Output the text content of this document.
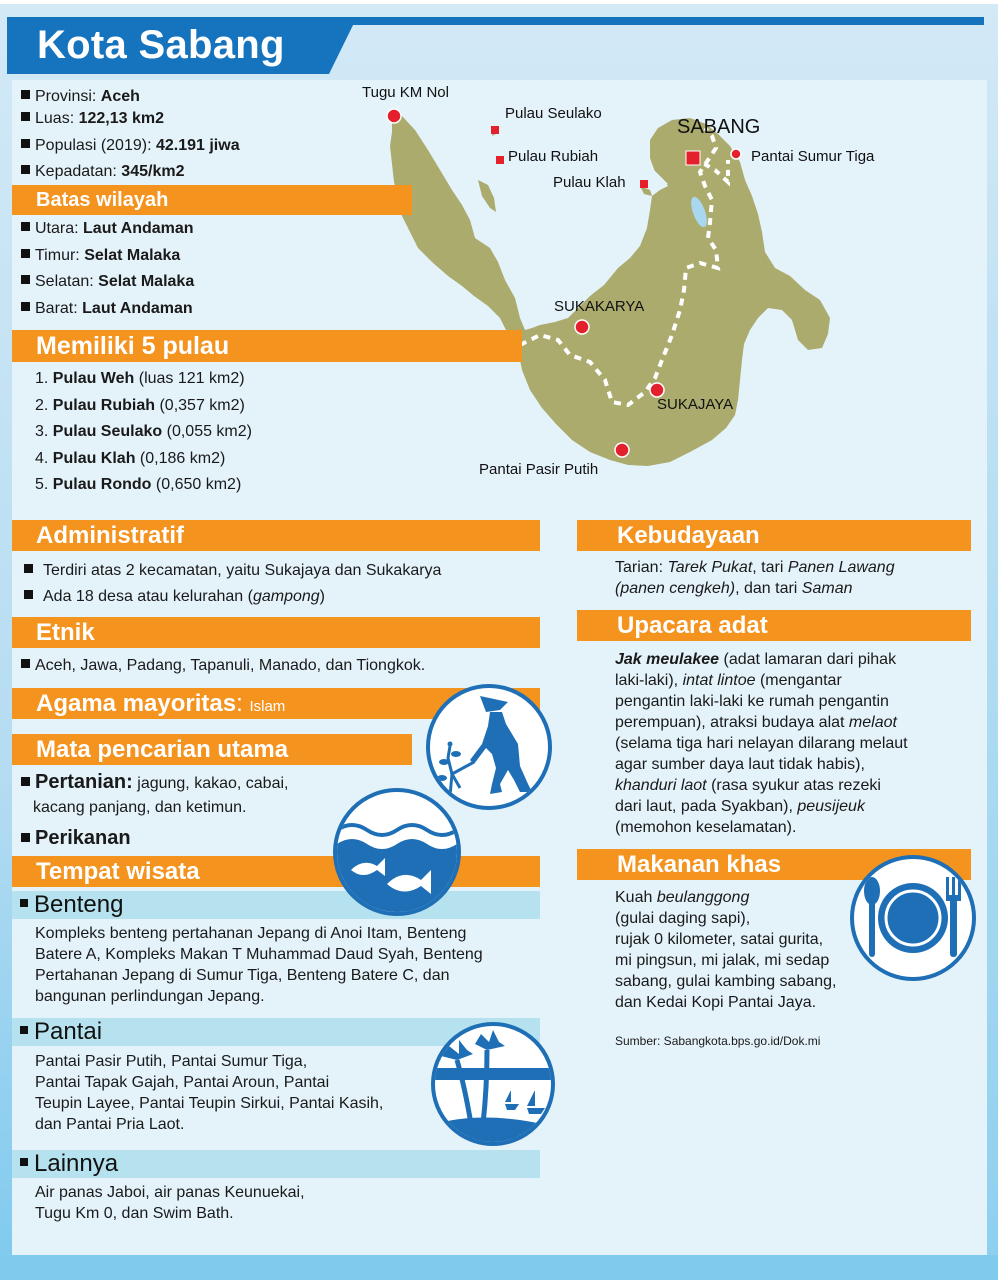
Kota Sabang
Tugu KM Nol
Pulau Seulako
Pulau Rubiah
Pulau Klah
SABANG
Pantai Sumur Tiga
SUKAKARYA
SUKAJAYA
Pantai Pasir Putih
Provinsi: Aceh
Luas: 122,13 km2
Populasi (2019): 42.191 jiwa
Kepadatan: 345/km2
Batas wilayah
Utara: Laut Andaman
Timur: Selat Malaka
Selatan: Selat Malaka
Barat: Laut Andaman
Memiliki 5 pulau
1. Pulau Weh (luas 121 km2)
2. Pulau Rubiah (0,357 km2)
3. Pulau Seulako (0,055 km2)
4. Pulau Klah (0,186 km2)
5. Pulau Rondo (0,650 km2)
Administratif
Terdiri atas 2 kecamatan, yaitu Sukajaya dan Sukakarya
Ada 18 desa atau kelurahan (gampong)
Etnik
Aceh, Jawa, Padang, Tapanuli, Manado, dan Tiongkok.
Agama mayoritas: Islam
Mata pencarian utama
Pertanian: jagung, kakao, cabai,
kacang panjang, dan ketimun.
Perikanan
Tempat wisata
Benteng
Kompleks benteng pertahanan Jepang di Anoi Itam, Benteng
Batere A, Kompleks Makan T Muhammad Daud Syah, Benteng
Pertahanan Jepang di Sumur Tiga, Benteng Batere C, dan
bangunan perlindungan Jepang.
Pantai
Pantai Pasir Putih, Pantai Sumur Tiga,
Pantai Tapak Gajah, Pantai Aroun, Pantai
Teupin Layee, Pantai Teupin Sirkui, Pantai Kasih,
dan Pantai Pria Laot.
Lainnya
Air panas Jaboi, air panas Keunuekai,
Tugu Km 0, dan Swim Bath.
Kebudayaan
Tarian: Tarek Pukat, tari Panen Lawang
(panen cengkeh), dan tari Saman
Upacara adat
Jak meulakee (adat lamaran dari pihak
laki-laki), intat lintoe (mengantar
pengantin laki-laki ke rumah pengantin
perempuan), atraksi budaya alat melaot
(selama tiga hari nelayan dilarang melaut
agar sumber daya laut tidak habis),
khanduri laot (rasa syukur atas rezeki
dari laut, pada Syakban), peusijeuk
(memohon keselamatan).
Makanan khas
Kuah beulanggong
(gulai daging sapi),
rujak 0 kilometer, satai gurita,
mi pingsun, mi jalak, mi sedap
sabang, gulai kambing sabang,
dan Kedai Kopi Pantai Jaya.
Sumber: Sabangkota.bps.go.id/Dok.mi
